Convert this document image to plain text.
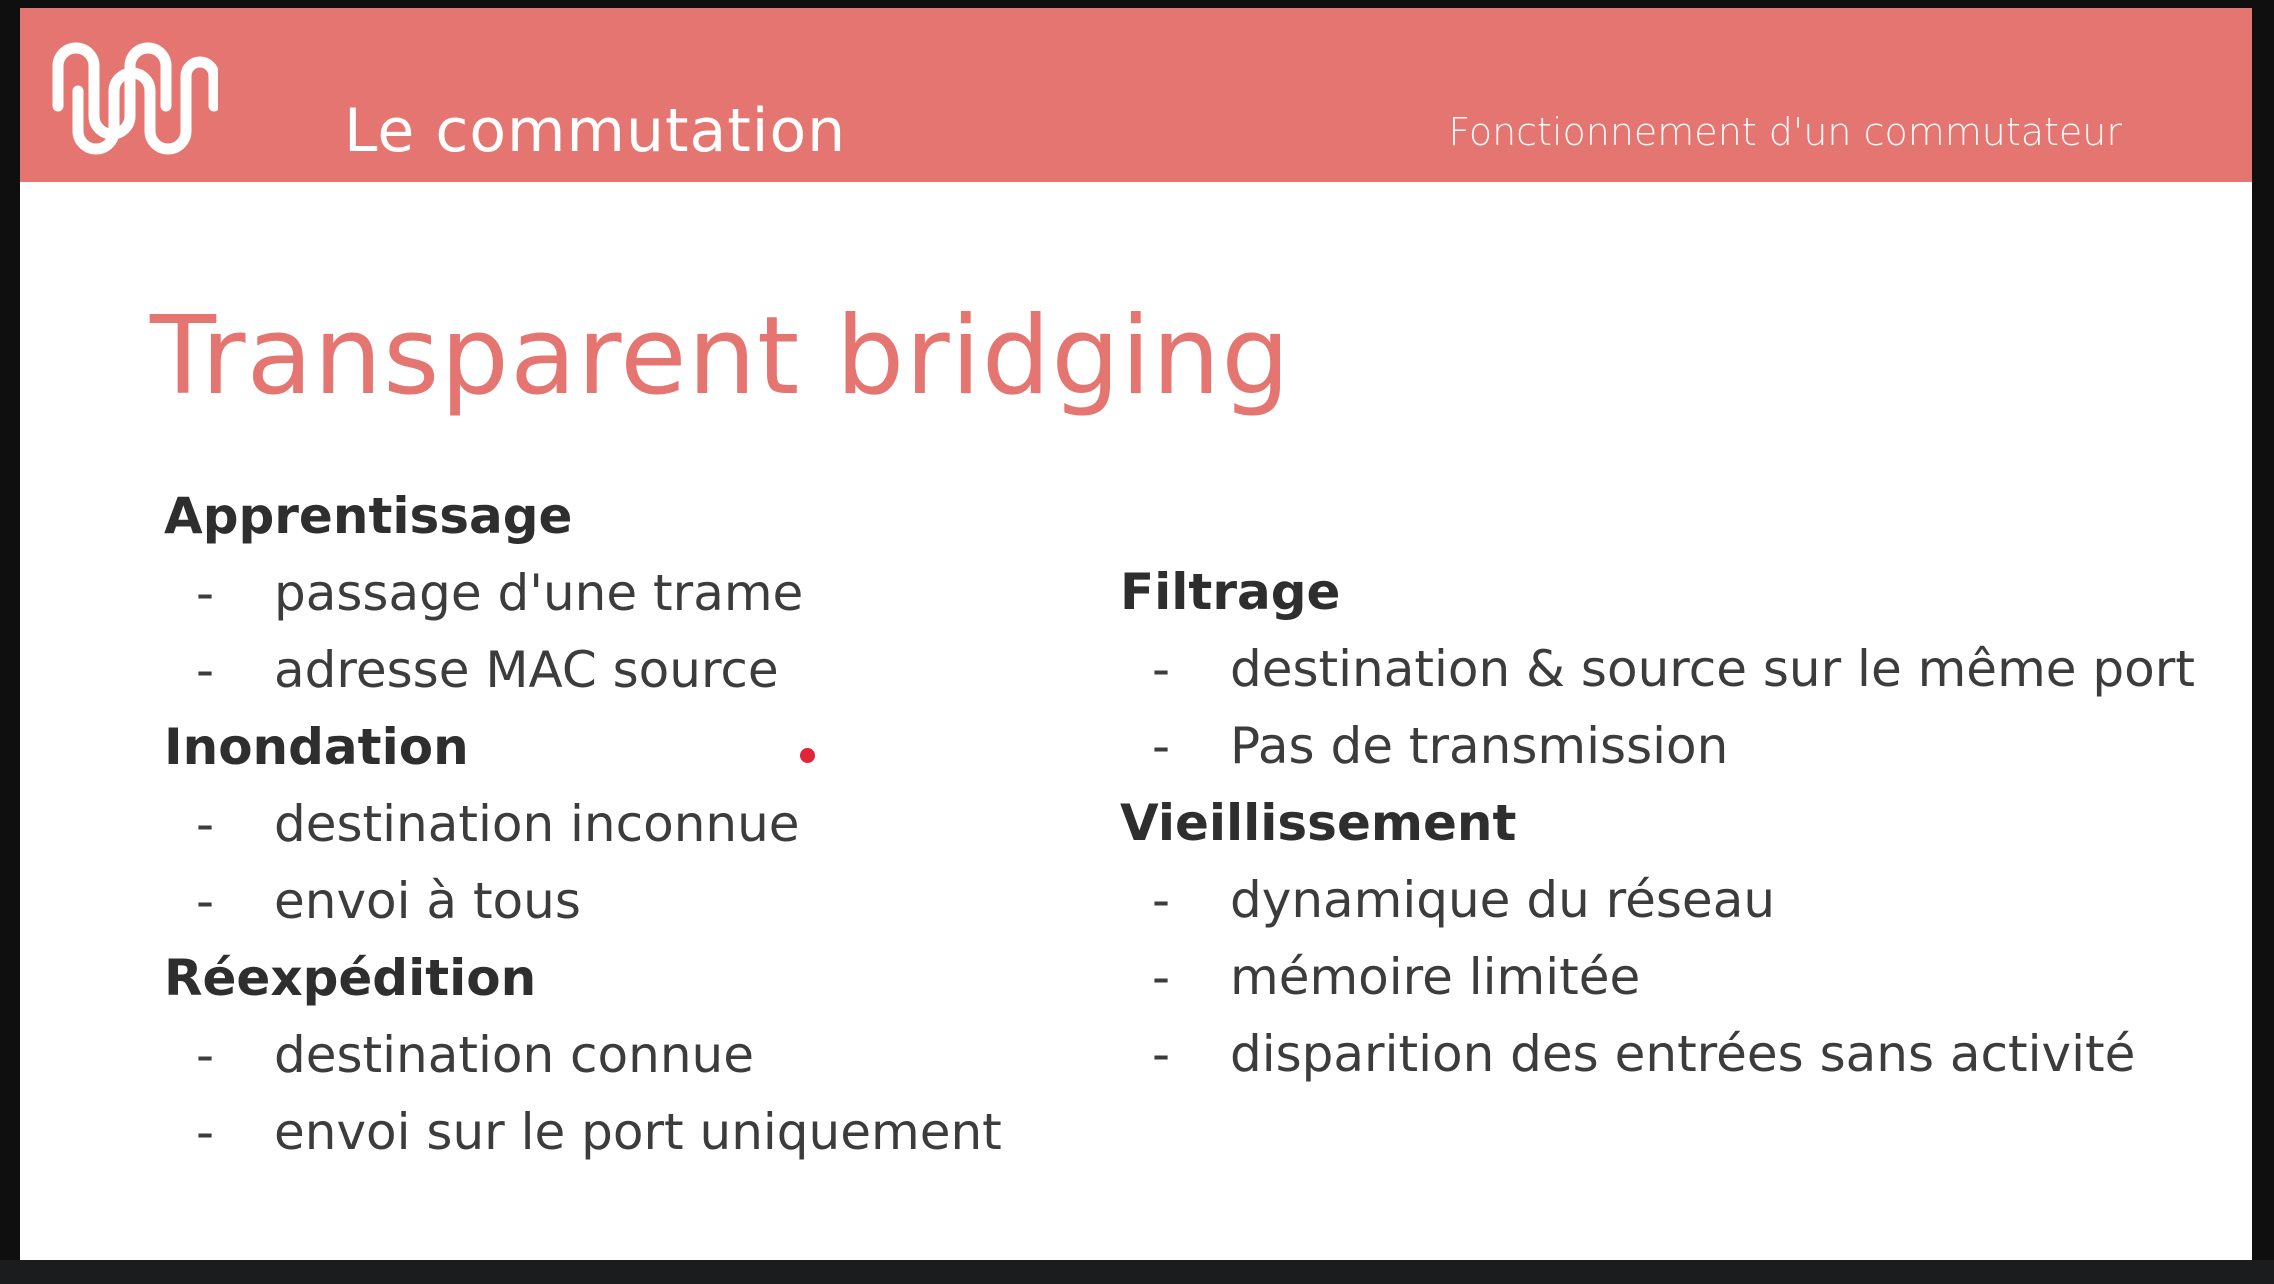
Le commutation	Fonctionnement d'un commutateur
Transparent bridging
Apprentissage
- passage d'une trame
- adresse MAC source
Inondation
- destination inconnue
- envoi à tous
Réexpédition
- destination connue
- envoi sur le port uniquement
Filtrage
- destination & source sur le même port
- Pas de transmission
Vieillissement
- dynamique du réseau
- mémoire limitée
- disparition des entrées sans activité
